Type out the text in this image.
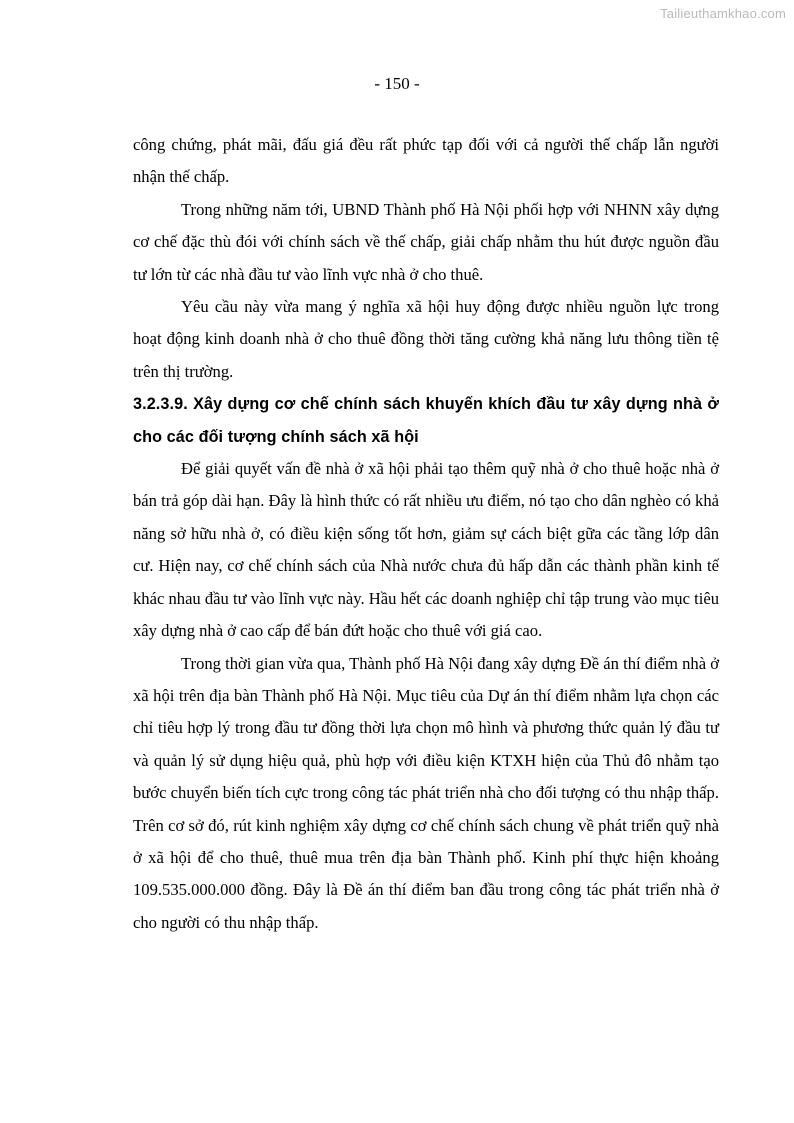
Tailieuthamkhao.com
- 150 -

công chứng, phát mãi, đấu giá đều rất phức tạp đối với cả người thế chấp lẫn người nhận thế chấp.

Trong những năm tới, UBND Thành phố Hà Nội phối hợp với NHNN xây dựng cơ chế đặc thù đói với chính sách về thế chấp, giải chấp nhằm thu hút được nguồn đầu tư lớn từ các nhà đầu tư vào lĩnh vực nhà ở cho thuê.

Yêu cầu này vừa mang ý nghĩa xã hội huy động được nhiều nguồn lực trong hoạt động kinh doanh nhà ở cho thuê đồng thời tăng cường khả năng lưu thông tiền tệ trên thị trường.

3.2.3.9. Xây dựng cơ chế chính sách khuyến khích đầu tư xây dựng nhà ở cho các đối tượng chính sách xã hội

Để giải quyết vấn đề nhà ở xã hội phải tạo thêm quỹ nhà ở cho thuê hoặc nhà ở bán trả góp dài hạn. Đây là hình thức có rất nhiều ưu điểm, nó tạo cho dân nghèo có khả năng sở hữu nhà ở, có điều kiện sống tốt hơn, giảm sự cách biệt gữa các tầng lớp dân cư. Hiện nay, cơ chế chính sách của Nhà nước chưa đủ hấp dẫn các thành phần kinh tế khác nhau đầu tư vào lĩnh vực này. Hầu hết các doanh nghiệp chỉ tập trung vào mục tiêu xây dựng nhà ở cao cấp để bán đứt hoặc cho thuê với giá cao.

Trong thời gian vừa qua, Thành phố Hà Nội đang xây dựng Đề án thí điểm nhà ở xã hội trên địa bàn Thành phố Hà Nội. Mục tiêu của Dự án thí điểm nhằm lựa chọn các chỉ tiêu hợp lý trong đầu tư đồng thời lựa chọn mô hình và phương thức quản lý đầu tư và quản lý sử dụng hiệu quả, phù hợp với điều kiện KTXH hiện của Thủ đô nhằm tạo bước chuyển biến tích cực trong công tác phát triển nhà cho đối tượng có thu nhập thấp. Trên cơ sở đó, rút kinh nghiệm xây dựng cơ chế chính sách chung về phát triển quỹ nhà ở xã hội để cho thuê, thuê mua trên địa bàn Thành phố. Kinh phí thực hiện khoảng 109.535.000.000 đồng. Đây là Đề án thí điểm ban đầu trong công tác phát triển nhà ở cho người có thu nhập thấp.
